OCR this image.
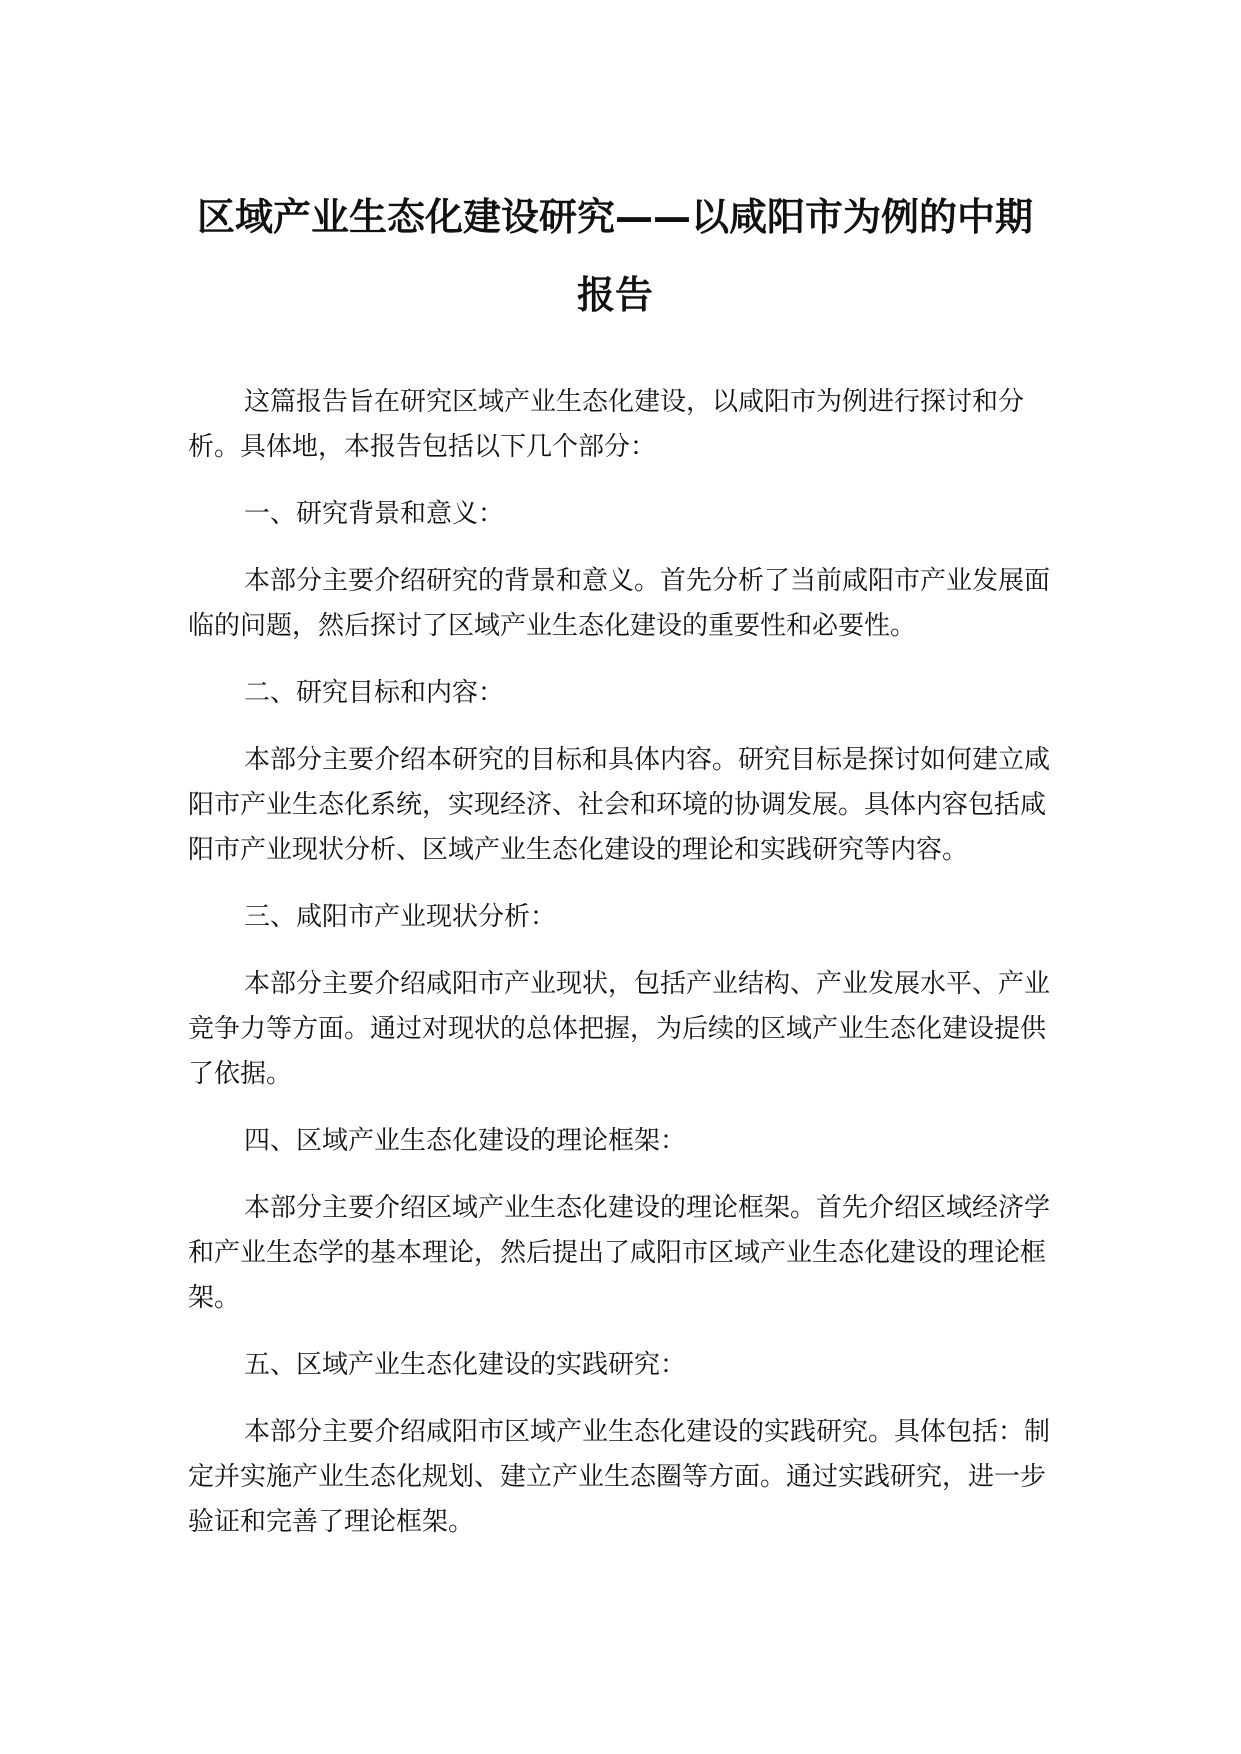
区域产业生态化建设研究——以咸阳市为例的中期报告

这篇报告旨在研究区域产业生态化建设，以咸阳市为例进行探讨和分析。具体地，本报告包括以下几个部分：

一、研究背景和意义：

本部分主要介绍研究的背景和意义。首先分析了当前咸阳市产业发展面临的问题，然后探讨了区域产业生态化建设的重要性和必要性。

二、研究目标和内容：

本部分主要介绍本研究的目标和具体内容。研究目标是探讨如何建立咸阳市产业生态化系统，实现经济、社会和环境的协调发展。具体内容包括咸阳市产业现状分析、区域产业生态化建设的理论和实践研究等内容。

三、咸阳市产业现状分析：

本部分主要介绍咸阳市产业现状，包括产业结构、产业发展水平、产业竞争力等方面。通过对现状的总体把握，为后续的区域产业生态化建设提供了依据。

四、区域产业生态化建设的理论框架：

本部分主要介绍区域产业生态化建设的理论框架。首先介绍区域经济学和产业生态学的基本理论，然后提出了咸阳市区域产业生态化建设的理论框架。

五、区域产业生态化建设的实践研究：

本部分主要介绍咸阳市区域产业生态化建设的实践研究。具体包括：制定并实施产业生态化规划、建立产业生态圈等方面。通过实践研究，进一步验证和完善了理论框架。
